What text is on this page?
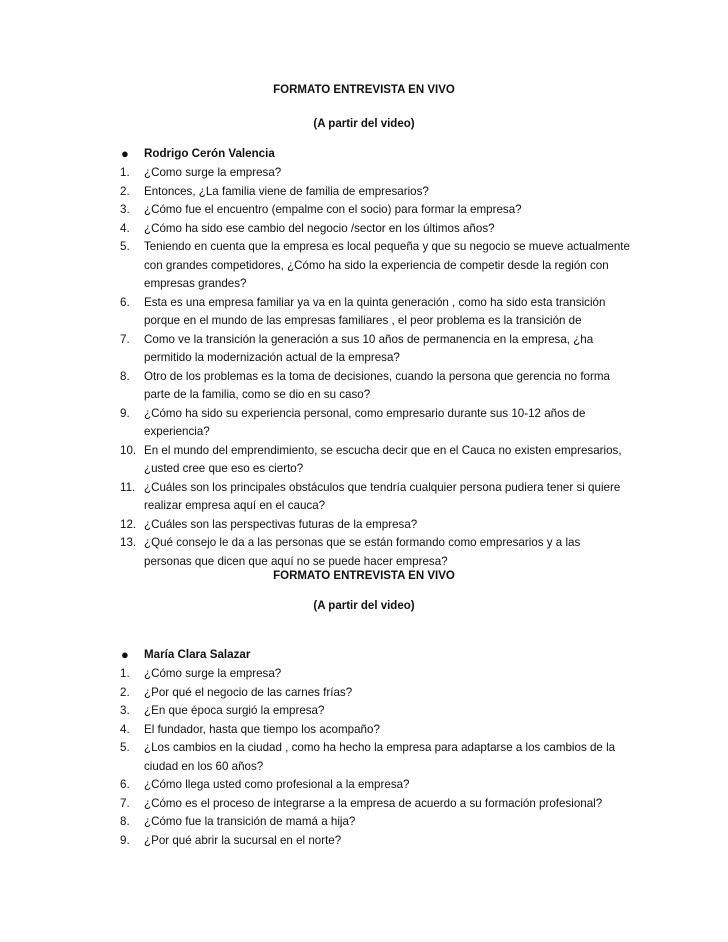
FORMATO ENTREVISTA EN VIVO
(A partir del video)
● Rodrigo Cerón Valencia
1. ¿Como surge la empresa?
2. Entonces, ¿La familia viene de familia de empresarios?
3. ¿Cómo fue el encuentro (empalme con el socio) para formar la empresa?
4. ¿Cómo ha sido ese cambio del negocio /sector en los últimos años?
5. Teniendo en cuenta que la empresa es local pequeña y que su negocio se mueve actualmente con grandes competidores, ¿Cómo ha sido la experiencia de competir desde la región con empresas grandes?
6. Esta es una empresa familiar ya va en la quinta generación , como ha sido esta transición porque en el mundo de las empresas familiares , el peor problema es la transición de
7. Como ve la transición la generación a sus 10 años de permanencia en la empresa, ¿ha permitido la modernización actual de la empresa?
8. Otro de los problemas es la toma de decisiones, cuando la persona que gerencia no forma parte de la familia, como se dio en su caso?
9. ¿Cómo ha sido su experiencia personal, como empresario durante sus 10-12 años de experiencia?
10. En el mundo del emprendimiento, se escucha decir que en el Cauca no existen empresarios, ¿usted cree que eso es cierto?
11. ¿Cuáles son los principales obstáculos que tendría cualquier persona pudiera tener si quiere realizar empresa aquí en el cauca?
12. ¿Cuáles son las perspectivas futuras de la empresa?
13. ¿Qué consejo le da a las personas que se están formando como empresarios y a las personas que dicen que aquí no se puede hacer empresa?
FORMATO ENTREVISTA EN VIVO
(A partir del video)
● María Clara Salazar
1. ¿Cómo surge la empresa?
2. ¿Por qué el negocio de las carnes frías?
3. ¿En que época surgió la empresa?
4. El fundador, hasta que tiempo los acompaño?
5. ¿Los cambios en la ciudad , como ha hecho la empresa para adaptarse a los cambios de la ciudad en los 60 años?
6. ¿Cómo llega usted como profesional a la empresa?
7. ¿Cómo es el proceso de integrarse a la empresa de acuerdo a su formación profesional?
8. ¿Cómo fue la transición de mamá a hija?
9. ¿Por qué abrir la sucursal en el norte?
